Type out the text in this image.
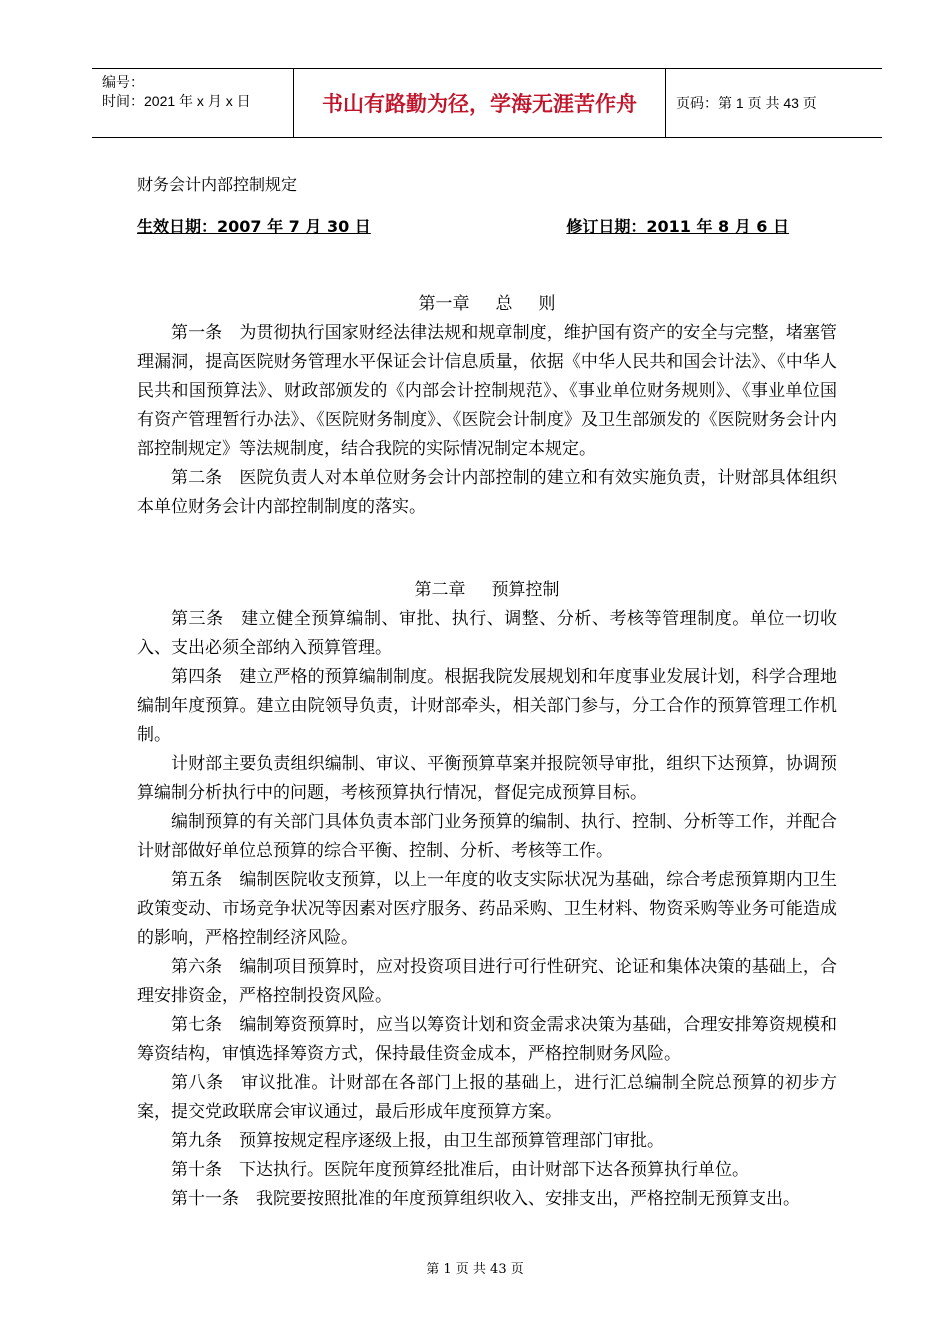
编号：
时间：2021 年 x 月 x 日	书山有路勤为径，学海无涯苦作舟	页码：第 1 页 共 43 页
财务会计内部控制规定
生效日期：2007 年 7 月 30 日	修订日期：2011 年 8 月 6 日

第一章 总 则

第一条　为贯彻执行国家财经法律法规和规章制度，维护国有资产的安全与完整，堵塞管理漏洞，提高医院财务管理水平保证会计信息质量，依据《中华人民共和国会计法》、《中华人民共和国预算法》、财政部颁发的《内部会计控制规范》、《事业单位财务规则》、《事业单位国有资产管理暂行办法》、《医院财务制度》、《医院会计制度》及卫生部颁发的《医院财务会计内部控制规定》等法规制度，结合我院的实际情况制定本规定。

第二条　医院负责人对本单位财务会计内部控制的建立和有效实施负责，计财部具体组织本单位财务会计内部控制制度的落实。

第二章 预算控制

第三条　建立健全预算编制、审批、执行、调整、分析、考核等管理制度。单位一切收入、支出必须全部纳入预算管理。

第四条　建立严格的预算编制制度。根据我院发展规划和年度事业发展计划，科学合理地编制年度预算。建立由院领导负责，计财部牵头，相关部门参与，分工合作的预算管理工作机制。

计财部主要负责组织编制、审议、平衡预算草案并报院领导审批，组织下达预算，协调预算编制分析执行中的问题，考核预算执行情况，督促完成预算目标。

编制预算的有关部门具体负责本部门业务预算的编制、执行、控制、分析等工作，并配合计财部做好单位总预算的综合平衡、控制、分析、考核等工作。

第五条　编制医院收支预算，以上一年度的收支实际状况为基础，综合考虑预算期内卫生政策变动、市场竞争状况等因素对医疗服务、药品采购、卫生材料、物资采购等业务可能造成的影响，严格控制经济风险。

第六条　编制项目预算时，应对投资项目进行可行性研究、论证和集体决策的基础上，合理安排资金，严格控制投资风险。

第七条　编制筹资预算时，应当以筹资计划和资金需求决策为基础，合理安排筹资规模和筹资结构，审慎选择筹资方式，保持最佳资金成本，严格控制财务风险。

第八条　审议批准。计财部在各部门上报的基础上，进行汇总编制全院总预算的初步方案，提交党政联席会审议通过，最后形成年度预算方案。

第九条　预算按规定程序逐级上报，由卫生部预算管理部门审批。

第十条　下达执行。医院年度预算经批准后，由计财部下达各预算执行单位。

第十一条　我院要按照批准的年度预算组织收入、安排支出，严格控制无预算支出。

第 1 页 共 43 页
